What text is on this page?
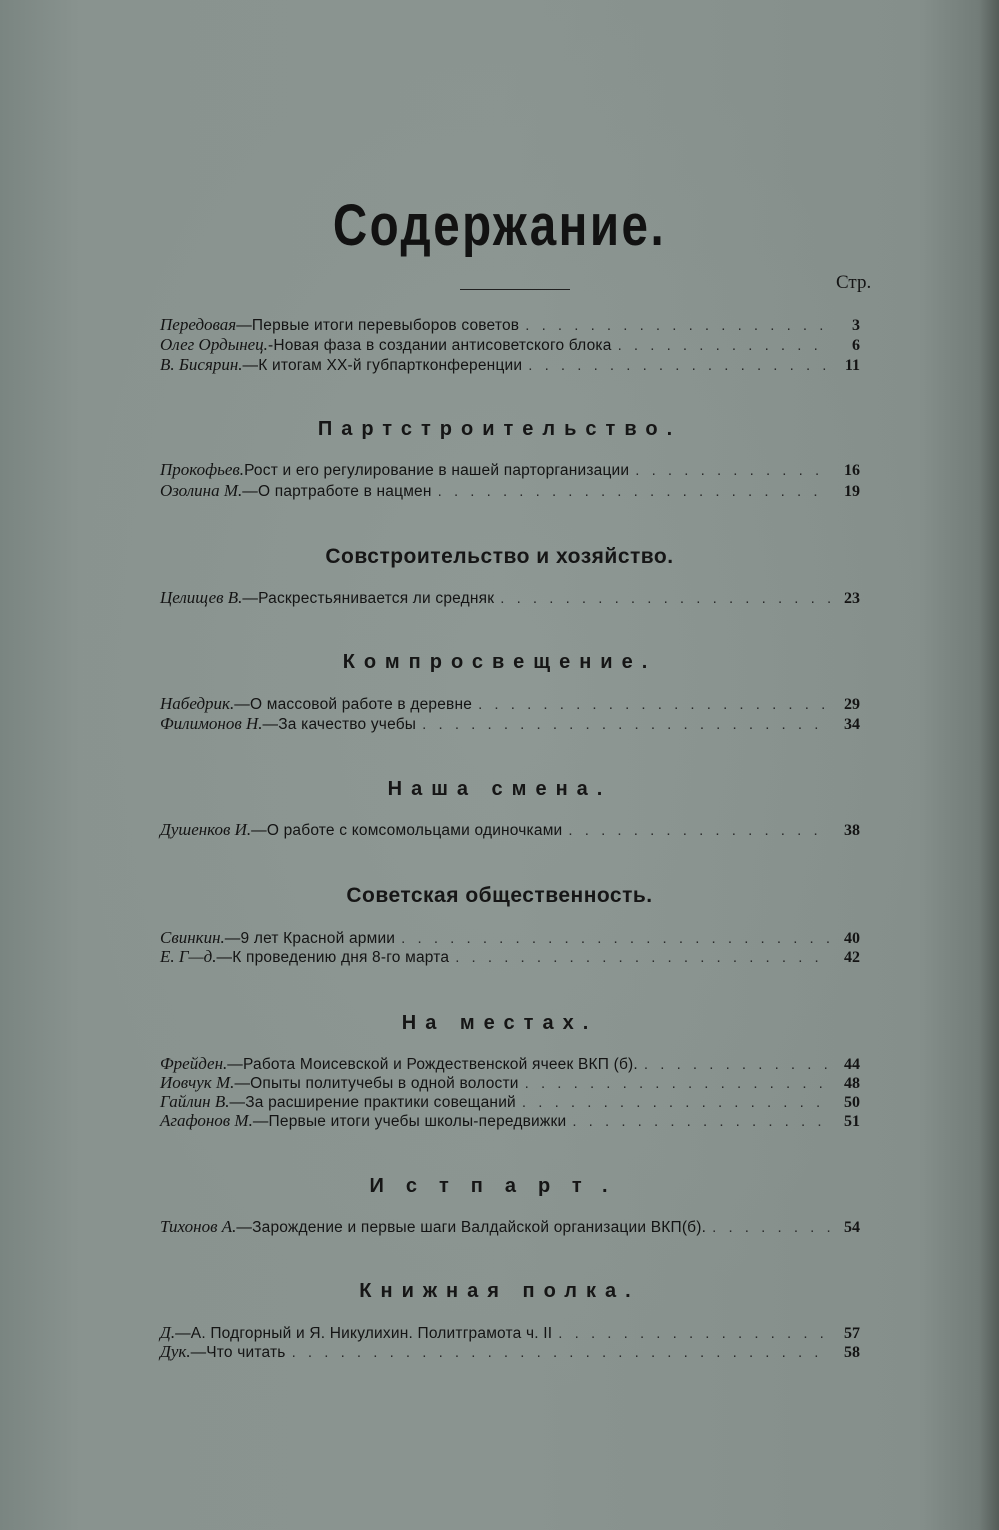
Содержание.
Стр.
Передовая — Первые итоги перевыборов советов . . .	3
Олег Ордынец. - Новая фаза в создании антисоветского блока . . .	6
В. Бисярин. — К итогам XX-й губпартконференции . . .	11
Партстроительство.
Прокофьев. Рост и его регулирование в нашей парторганизации . . .	16
Озолина М. — О партработе в нацмен . . .	19
Совстроительство и хозяйство.
Целищев В. — Раскрестьянивается ли средняк . . .	23
Компросвещение.
Набедрик. — О массовой работе в деревне . . .	29
Филимонов Н. — За качество учебы . . .	34
Наша смена.
Душенков И. — О работе с комсомольцами одиночками . . .	38
Советская общественность.
Свинкин. — 9 лет Красной армии . . .	40
Е. Г—д. — К проведению дня 8-го марта . . .	42
На местах.
Фрейден. — Работа Моисевской и Рождественской ячеек ВКП (б). . . .	44
Иовчук М. — Опыты политучебы в одной волости . . .	48
Гайлин В. — За расширение практики совещаний . . .	50
Агафонов М. — Первые итоги учебы школы-передвижки . . .	51
Истпарт.
Тихонов А. — Зарождение и первые шаги Валдайской организации ВКП(б). . . .	54
Книжная полка.
Д. — А. Подгорный и Я. Никулихин. Политграмота ч. II . . .	57
Дук. — Что читать . . .	58
